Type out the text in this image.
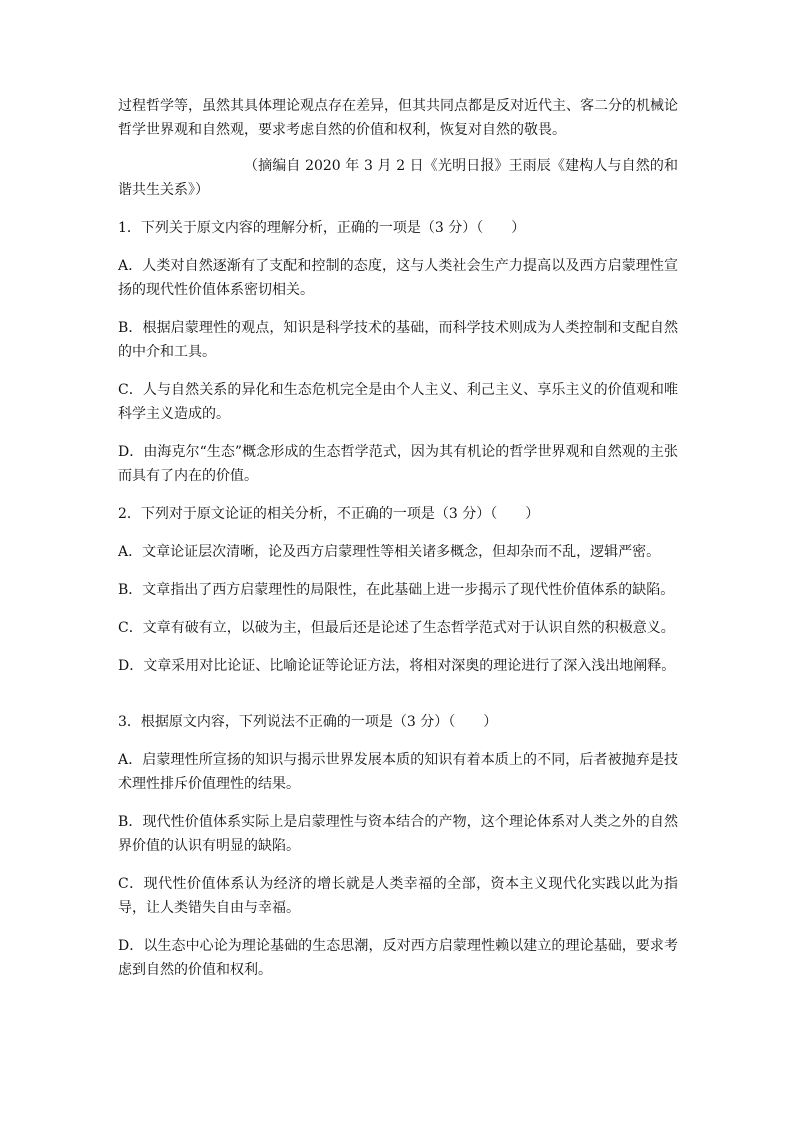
过程哲学等，虽然其具体理论观点存在差异，但其共同点都是反对近代主、客二分的机械论
哲学世界观和自然观，要求考虑自然的价值和权利，恢复对自然的敬畏。

（摘编自 2020 年 3 月 2 日《光明日报》王雨辰《建构人与自然的和谐共生关系》）

1．下列关于原文内容的理解分析，正确的一项是（3 分）（　　）

A．人类对自然逐渐有了支配和控制的态度，这与人类社会生产力提高以及西方启蒙理性宣扬的现代性价值体系密切相关。

B．根据启蒙理性的观点，知识是科学技术的基础，而科学技术则成为人类控制和支配自然的中介和工具。

C．人与自然关系的异化和生态危机完全是由个人主义、利己主义、享乐主义的价值观和唯科学主义造成的。

D．由海克尔“生态”概念形成的生态哲学范式，因为其有机论的哲学世界观和自然观的主张而具有了内在的价值。

2．下列对于原文论证的相关分析，不正确的一项是（3 分）（　　）

A．文章论证层次清晰，论及西方启蒙理性等相关诸多概念，但却杂而不乱，逻辑严密。

B．文章指出了西方启蒙理性的局限性，在此基础上进一步揭示了现代性价值体系的缺陷。

C．文章有破有立，以破为主，但最后还是论述了生态哲学范式对于认识自然的积极意义。

D．文章采用对比论证、比喻论证等论证方法，将相对深奥的理论进行了深入浅出地阐释。

3．根据原文内容，下列说法不正确的一项是（3 分）（　　）

A．启蒙理性所宣扬的知识与揭示世界发展本质的知识有着本质上的不同，后者被抛弃是技术理性排斥价值理性的结果。

B．现代性价值体系实际上是启蒙理性与资本结合的产物，这个理论体系对人类之外的自然界价值的认识有明显的缺陷。

C．现代性价值体系认为经济的增长就是人类幸福的全部，资本主义现代化实践以此为指导，让人类错失自由与幸福。

D．以生态中心论为理论基础的生态思潮，反对西方启蒙理性赖以建立的理论基础，要求考虑到自然的价值和权利。
